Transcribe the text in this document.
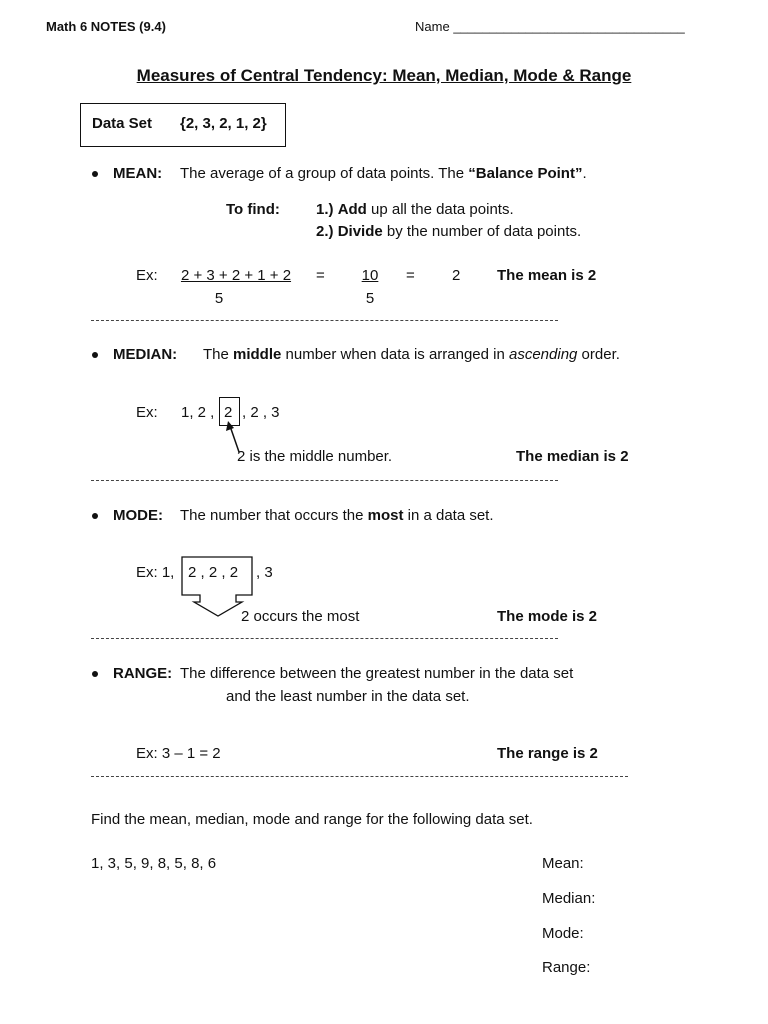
Math 6 NOTES (9.4)	Name ________________________________
Measures of Central Tendency: Mean, Median, Mode & Range
Data Set {2, 3, 2, 1, 2}
MEAN: The average of a group of data points. The “Balance Point”.
To find: 1.) Add up all the data points.
2.) Divide by the number of data points.
Ex: 2 + 3 + 2 + 1 + 2
5
=	10
5
= 2 The mean is 2
MEDIAN: The middle number when data is arranged in ascending order.
Ex: 1, 2 , 2 , 2 , 3
2 is the middle number.	The median is 2
MODE: The number that occurs the most in a data set.
Ex: 1, 2 , 2 , 2 , 3
2 occurs the most	The mode is 2
RANGE: The difference between the greatest number in the data set
and the least number in the data set.
Ex: 3 – 1 = 2	The range is 2
Find the mean, median, mode and range for the following data set.
1, 3, 5, 9, 8, 5, 8, 6	Mean:
Median:
Mode:
Range:
